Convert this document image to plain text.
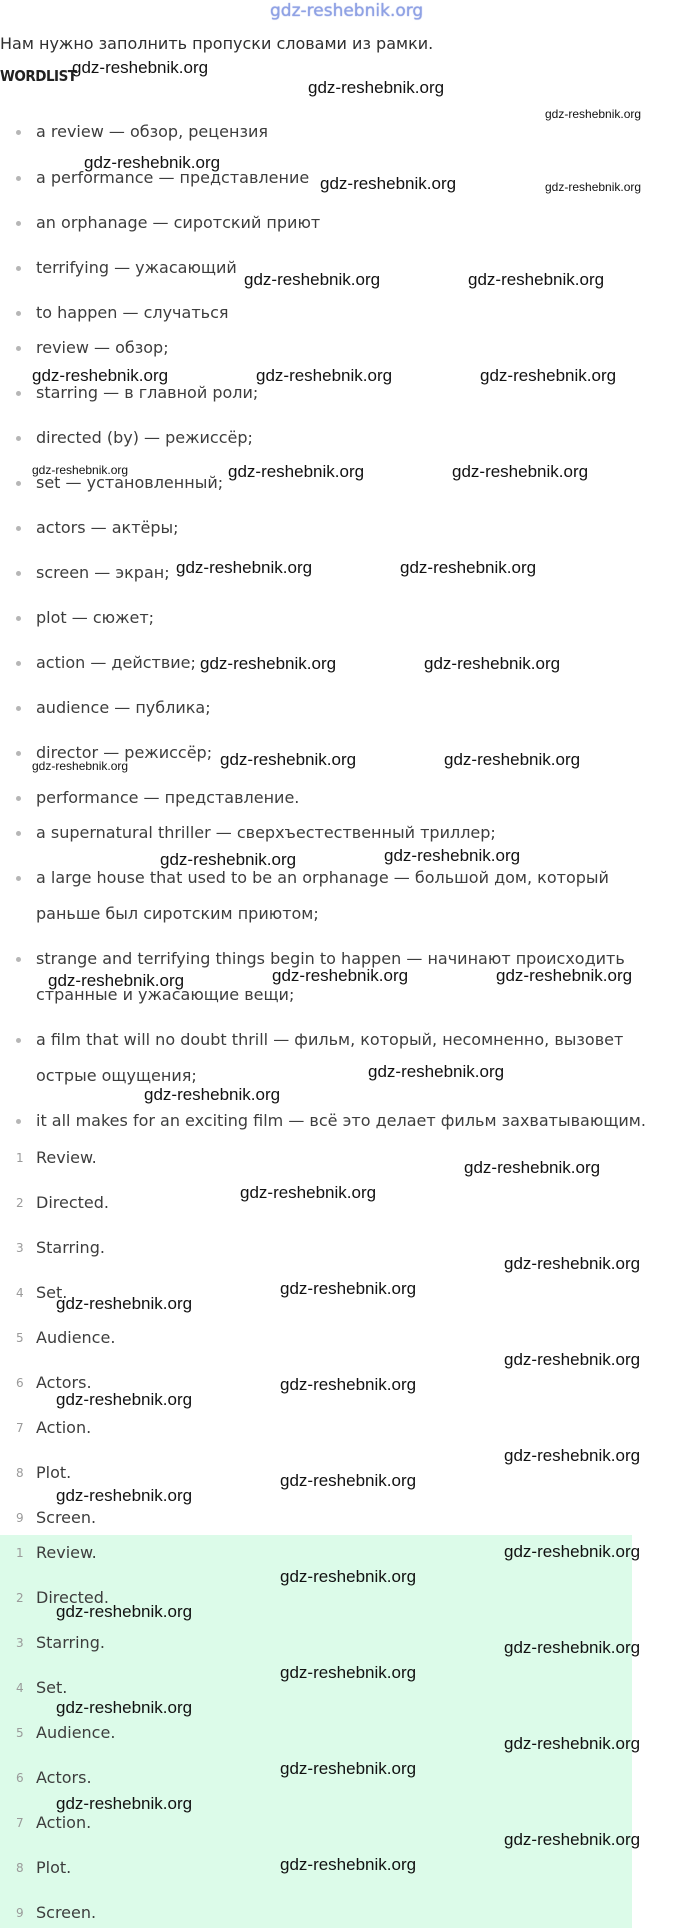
gdz-reshebnik.org
Нам нужно заполнить пропуски словами из рамки.
WORDLIST
a review — обзор, рецензия
a performance — представление
an orphanage — сиротский приют
terrifying — ужасающий
to happen — случаться
review — обзор;
starring — в главной роли;
directed (by) — режиссёр;
set — установленный;
actors — актёры;
screen — экран;
plot — сюжет;
action — действие;
audience — публика;
director — режиссёр;
performance — представление.
a supernatural thriller — сверхъестественный триллер;
a large house that used to be an orphanage — большой дом, который раньше был сиротским приютом;
strange and terrifying things begin to happen — начинают происходить странные и ужасающие вещи;
a film that will no doubt thrill — фильм, который, несомненно, вызовет острые ощущения;
it all makes for an exciting film — всё это делает фильм захватывающим.
1 Review.
2 Directed.
3 Starring.
4 Set.
5 Audience.
6 Actors.
7 Action.
8 Plot.
9 Screen.
1 Review.
2 Directed.
3 Starring.
4 Set.
5 Audience.
6 Actors.
7 Action.
8 Plot.
9 Screen.
gdz-reshebnik.org
gdz-reshebnik.org
gdz-reshebnik.org
gdz-reshebnik.org
gdz-reshebnik.org	gdz-reshebnik.org
gdz-reshebnik.org	gdz-reshebnik.org
gdz-reshebnik.org	gdz-reshebnik.org	gdz-reshebnik.org
gdz-reshebnik.org	gdz-reshebnik.org	gdz-reshebnik.org
gdz-reshebnik.org	gdz-reshebnik.org
gdz-reshebnik.org	gdz-reshebnik.org
gdz-reshebnik.org	gdz-reshebnik.org	gdz-reshebnik.org
gdz-reshebnik.org	gdz-reshebnik.org
gdz-reshebnik.org	gdz-reshebnik.org	gdz-reshebnik.org
gdz-reshebnik.org
gdz-reshebnik.org
gdz-reshebnik.org
gdz-reshebnik.org
gdz-reshebnik.org
gdz-reshebnik.org
gdz-reshebnik.org
gdz-reshebnik.org
gdz-reshebnik.org
gdz-reshebnik.org
gdz-reshebnik.org
gdz-reshebnik.org
gdz-reshebnik.org
gdz-reshebnik.org
gdz-reshebnik.org
gdz-reshebnik.org
gdz-reshebnik.org
gdz-reshebnik.org
gdz-reshebnik.org
gdz-reshebnik.org
gdz-reshebnik.org
gdz-reshebnik.org
gdz-reshebnik.org
gdz-reshebnik.org
